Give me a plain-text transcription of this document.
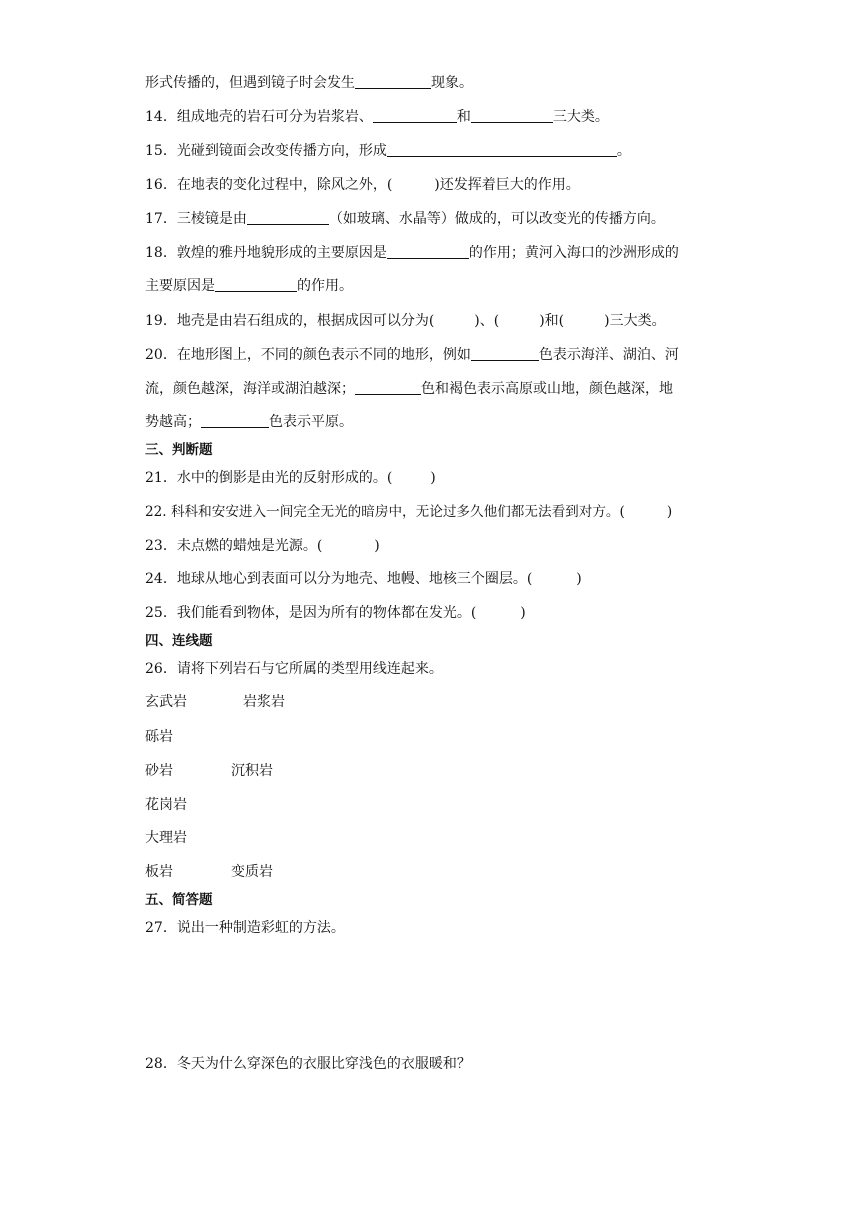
形式传播的，但遇到镜子时会发生	现象。
14．组成地壳的岩石可分为岩浆岩、	和	三大类。
15．光碰到镜面会改变传播方向，形成	。
16．在地表的变化过程中，除风之外，(	)还发挥着巨大的作用。
17．三棱镜是由	（如玻璃、水晶等）做成的，可以改变光的传播方向。
18．敦煌的雅丹地貌形成的主要原因是	的作用；黄河入海口的沙洲形成的
主要原因是	的作用。
19．地壳是由岩石组成的，根据成因可以分为(	)、(	)和(	)三大类。
20．在地形图上，不同的颜色表示不同的地形，例如	色表示海洋、湖泊、河
流，颜色越深，海洋或湖泊越深；	色和褐色表示高原或山地，颜色越深，地
势越高；	色表示平原。
三、判断题
21．水中的倒影是由光的反射形成的。(	)
22. 科科和安安进入一间完全无光的暗房中，无论过多久他们都无法看到对方。(	)
23．未点燃的蜡烛是光源。(	)
24．地球从地心到表面可以分为地壳、地幔、地核三个圈层。(	)
25．我们能看到物体，是因为所有的物体都在发光。(	)
四、连线题
26．请将下列岩石与它所属的类型用线连起来。
玄武岩	岩浆岩
砾岩
砂岩	沉积岩
花岗岩
大理岩
板岩	变质岩
五、简答题
27．说出一种制造彩虹的方法。
28．冬天为什么穿深色的衣服比穿浅色的衣服暖和？
